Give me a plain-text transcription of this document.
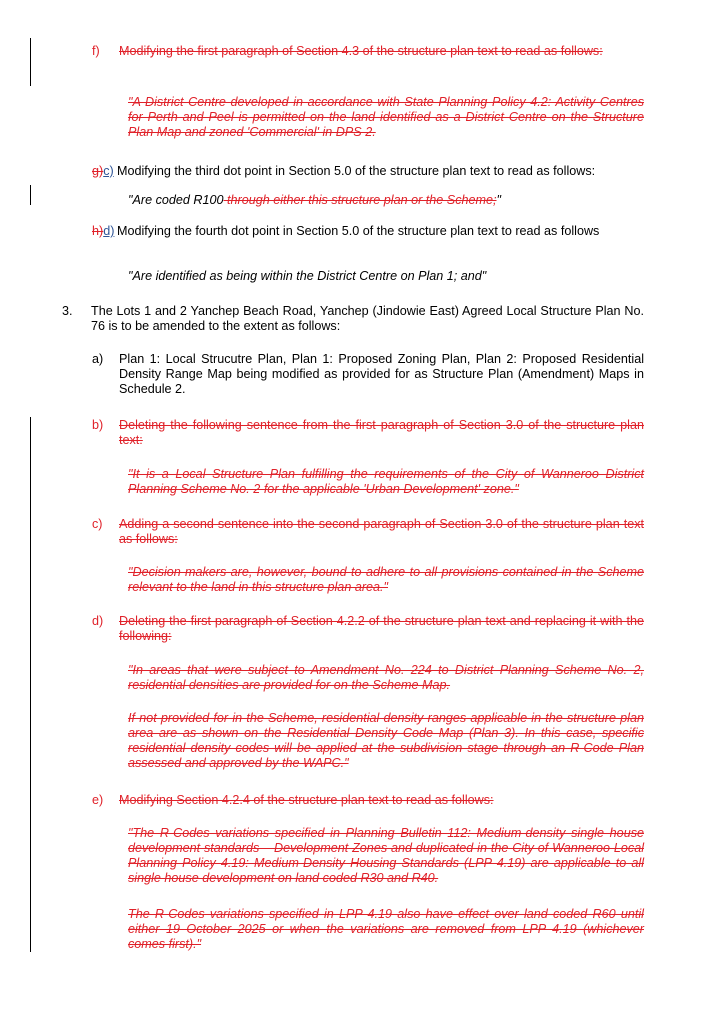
f) Modifying the first paragraph of Section 4.3 of the structure plan text to read as follows:
"A District Centre developed in accordance with State Planning Policy 4.2: Activity Centres for Perth and Peel is permitted on the land identified as a District Centre on the Structure Plan Map and zoned 'Commercial' in DPS 2.
g)c) Modifying the third dot point in Section 5.0 of the structure plan text to read as follows:
"Are coded R100 through either this structure plan or the Scheme;"
h)d) Modifying the fourth dot point in Section 5.0 of the structure plan text to read as follows
"Are identified as being within the District Centre on Plan 1; and"
3. The Lots 1 and 2 Yanchep Beach Road, Yanchep (Jindowie East) Agreed Local Structure Plan No. 76 is to be amended to the extent as follows:
a) Plan 1: Local Strucutre Plan, Plan 1: Proposed Zoning Plan, Plan 2: Proposed Residential Density Range Map being modified as provided for as Structure Plan (Amendment) Maps in Schedule 2.
b) Deleting the following sentence from the first paragraph of Section 3.0 of the structure plan text:
"It is a Local Structure Plan fulfilling the requirements of the City of Wanneroo District Planning Scheme No. 2 for the applicable 'Urban Development' zone."
c) Adding a second sentence into the second paragraph of Section 3.0 of the structure plan text as follows:
"Decision-makers are, however, bound to adhere to all provisions contained in the Scheme relevant to the land in this structure plan area."
d) Deleting the first paragraph of Section 4.2.2 of the structure plan text and replacing it with the following:
"In areas that were subject to Amendment No. 224 to District Planning Scheme No. 2, residential densities are provided for on the Scheme Map.
If not provided for in the Scheme, residential density ranges applicable in the structure plan area are as shown on the Residential Density Code Map (Plan 3). In this case, specific residential density codes will be applied at the subdivision stage through an R-Code Plan assessed and approved by the WAPC."
e) Modifying Section 4.2.4 of the structure plan text to read as follows:
"The R-Codes variations specified in Planning Bulletin 112: Medium-density single house development standards – Development Zones and duplicated in the City of Wanneroo Local Planning Policy 4.19: Medium-Density Housing Standards (LPP 4.19) are applicable to all single house development on land coded R30 and R40.
The R-Codes variations specified in LPP 4.19 also have effect over land coded R60 until either 19 October 2025 or when the variations are removed from LPP 4.19 (whichever comes first)."
